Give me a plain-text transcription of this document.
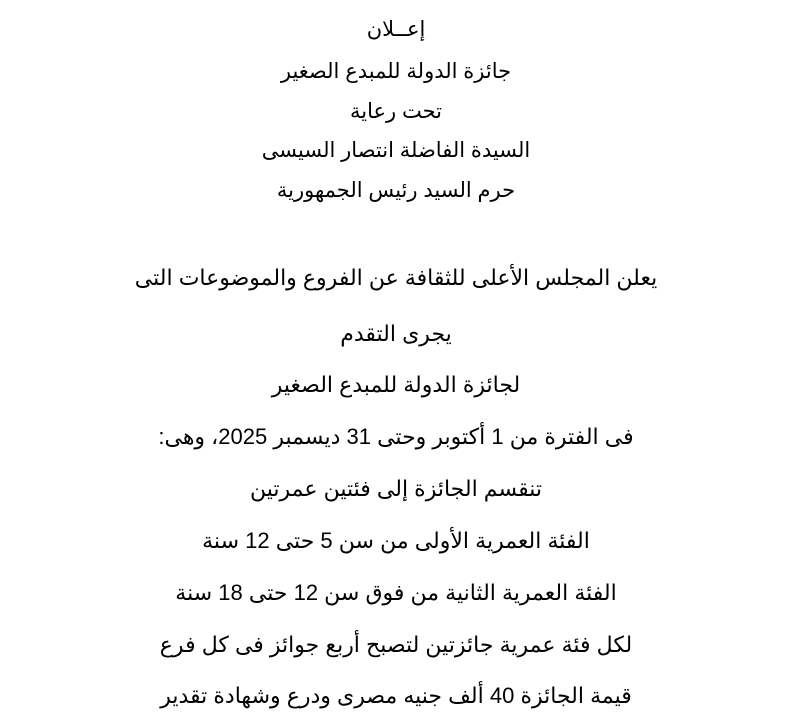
إعــلان
جائزة الدولة للمبدع الصغير
تحت رعاية
السيدة الفاضلة انتصار السيسى
حرم السيد رئيس الجمهورية
يعلن المجلس الأعلى للثقافة عن الفروع والموضوعات التى
يجرى التقدم
لجائزة الدولة للمبدع الصغير
فى الفترة من 1 أكتوبر وحتى 31 ديسمبر 2025، وهى:
تنقسم الجائزة إلى فئتين عمرتين
الفئة العمرية الأولى من سن 5 حتى 12 سنة
الفئة العمرية الثانية من فوق سن 12 حتى 18 سنة
لكل فئة عمرية جائزتين لتصبح أربع جوائز فى كل فرع
قيمة الجائزة 40 ألف جنيه مصرى ودرع وشهادة تقدير
